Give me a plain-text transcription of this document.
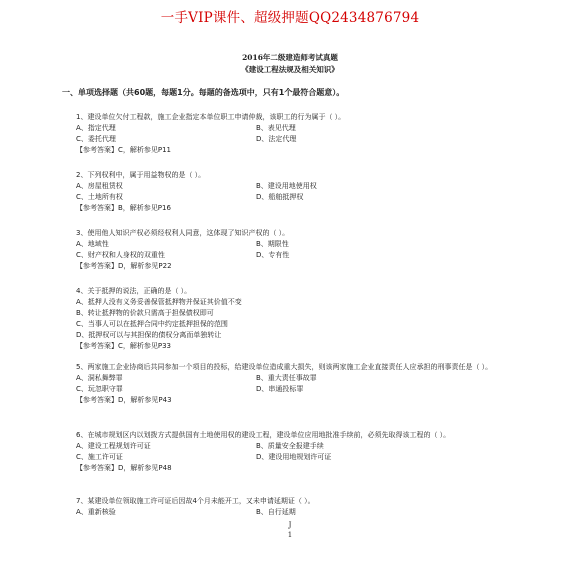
一手VIP课件、超级押题QQ2434876794
2016年二级建造师考试真题
《建设工程法规及相关知识》
一、单项选择题（共60题，每题1分。每题的备选项中，只有1个最符合题意）。
1、建设单位欠付工程款，施工企业指定本单位职工申请仲裁，该职工的行为属于（ ）。
A、指定代理	B、表见代理
C、委托代理	D、法定代理
【参考答案】C，解析参见P11
2、下列权利中，属于用益物权的是（ ）。
A、房屋租赁权	B、建设用地使用权
C、土地所有权	D、船舶抵押权
【参考答案】B，解析参见P16
3、使用他人知识产权必须经权利人同意，这体现了知识产权的（ ）。
A、地域性	B、期限性
C、财产权和人身权的双重性	D、专有性
【参考答案】D，解析参见P22
4、关于抵押的说法，正确的是（ ）。
A、抵押人没有义务妥善保管抵押物并保证其价值不变
B、转让抵押物的价款只需高于担保债权即可
C、当事人可以在抵押合同中约定抵押担保的范围
D、抵押权可以与其担保的债权分离而单独转让
【参考答案】C，解析参见P33
5、两家施工企业协商后共同参加一个项目的投标，给建设单位造成重大损失，则该两家施工企业直接责任人应承担的刑事责任是（ ）。
A、洞私舞弊罪	B、重大责任事故罪
C、玩忽职守罪	D、串通投标罪
【参考答案】D，解析参见P43
6、在城市规划区内以划拨方式提供国有土地使用权的建设工程，建设单位应用地批准手续前，必须先取得该工程的（ ）。
A、建设工程规划许可证	B、质量安全报建手续
C、施工许可证	D、建设用地规划许可证
【参考答案】D，解析参见P48
7、某建设单位领取施工许可证后因故4个月未能开工，又未申请延期证（ ）。
A、重新核验	B、自行延期
J
1
